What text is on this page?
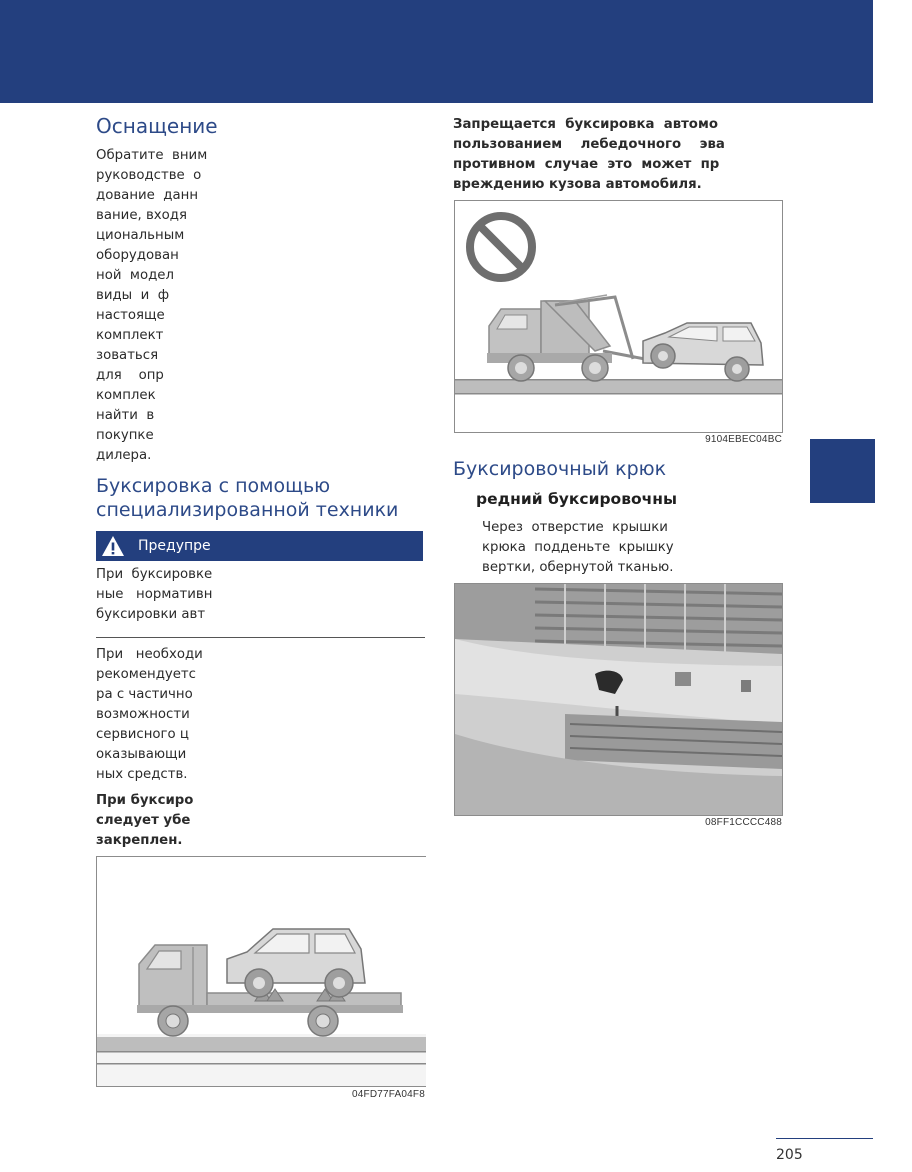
Оснащение

Обратите  вним

руководстве  о

дование  данн

вание, входя

циональным

оборудован

ной  модел

виды  и  ф

настояще

комплект

зоваться

для    опр

комплек

найти  в

покупке

дилера.

Буксировка с помощью
специализированной техники
Предупре

При  буксировке

ные   нормативн

буксировки авт

При   необходи

рекомендуетс

ра с частично

возможности

сервисного ц

оказывающи

ных средств.

При буксиро

следует убе

закреплен.

04FD77FA04F8

Запрещается  буксировка  автомо

пользованием    лебедочного    эва

противном  случае  это  может  пр

вреждению кузова автомобиля.

9104EBEC04BC
Буксировочный крюк
редний буксировочны

Через  отверстие  крышки

крюка  подденьте  крышку

вертки, обернутой тканью.

08FF1CCCC488
205
